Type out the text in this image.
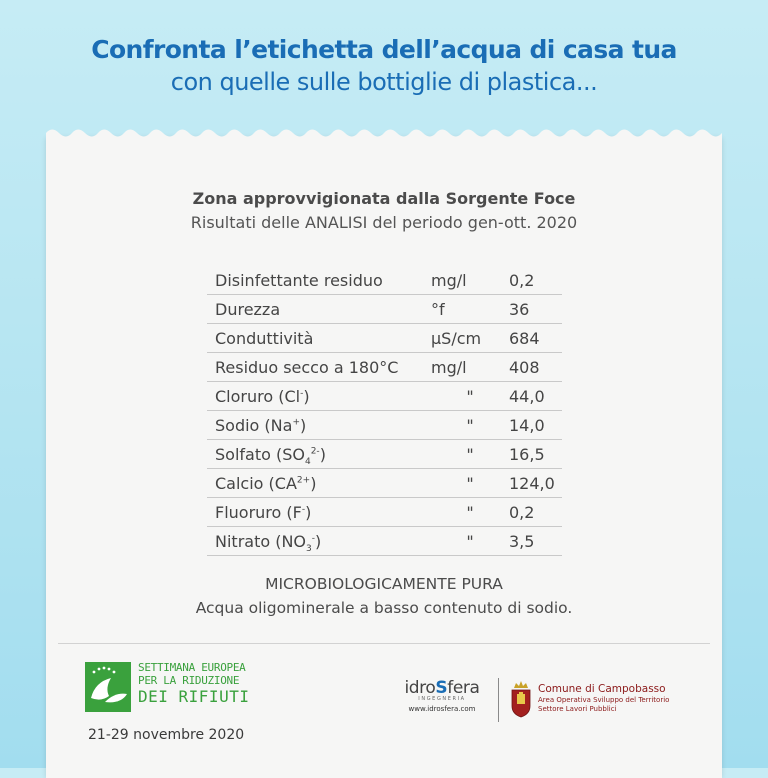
Confronta l’etichetta dell’acqua di casa tua
con quelle sulle bottiglie di plastica...
Zona approvvigionata dalla Sorgente Foce
Risultati delle ANALISI del periodo gen-ott. 2020
Disinfettante residuo	mg/l	0,2
Durezza	°f	36
Conduttività	µS/cm	684
Residuo secco a 180°C	mg/l	408
Cloruro (Cl-)	"	44,0
Sodio (Na+)	"	14,0
Solfato $(SO_4^{2-})$	"	16,5
Calcio $(CA^{2+})$	"	124,0
Fluoruro (F-)	"	0,2
Nitrato $(NO_3^-)$	"	3,5
MICROBIOLOGICAMENTE PURA
Acqua oligominerale a basso contenuto di sodio.
SETTIMANA EUROPEA
PER LA RIDUZIONE
DEI RIFIUTI
21-29 novembre 2020
idroSfera
INGEGNERIA
www.idrosfera.com
Comune di Campobasso
Area Operativa Sviluppo del Territorio
Settore Lavori Pubblici
